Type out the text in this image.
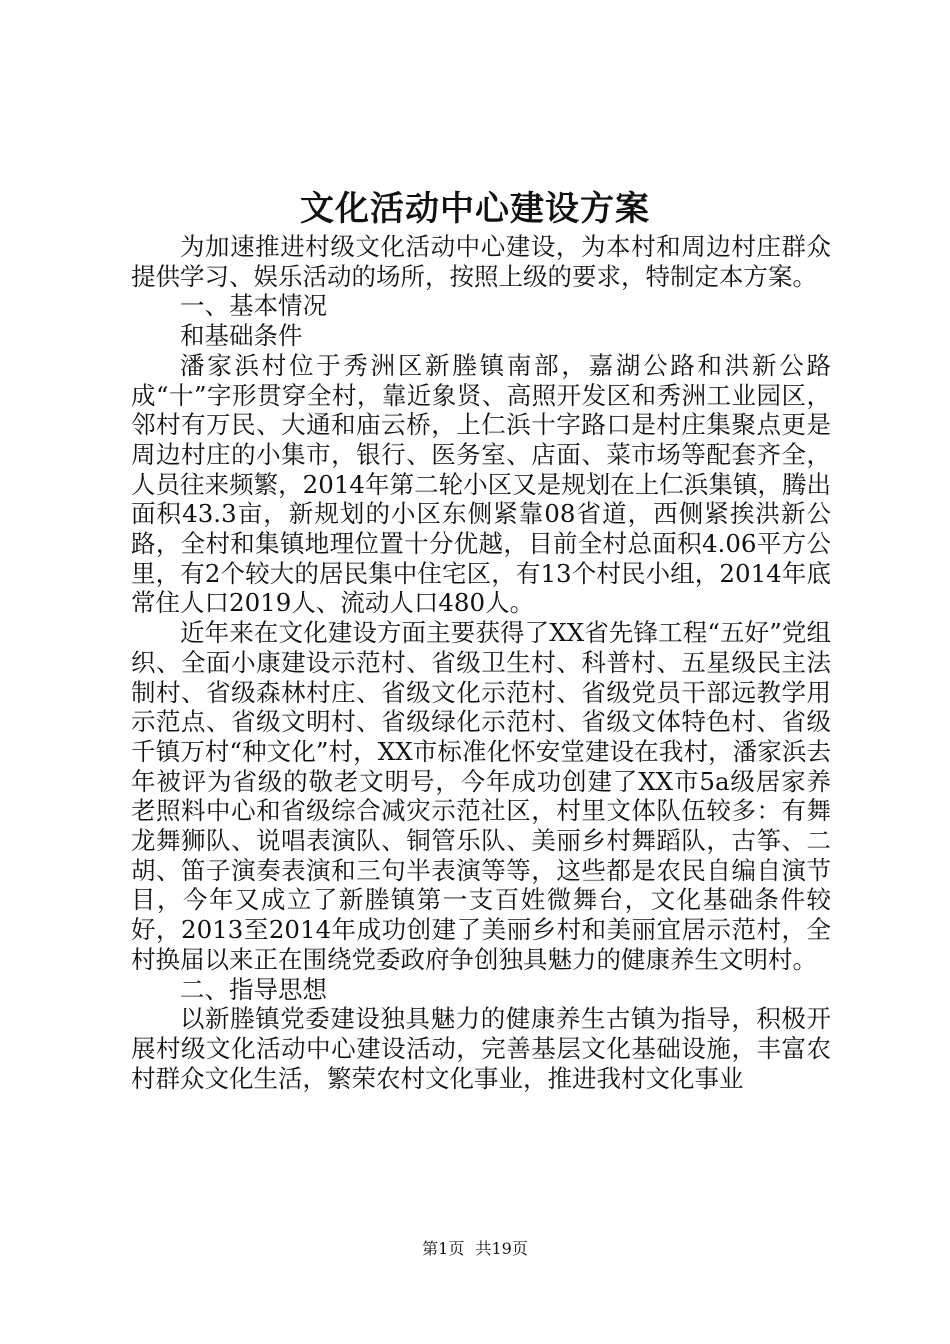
文化活动中心建设方案

为加速推进村级文化活动中心建设，为本村和周边村庄群众提供学习、娱乐活动的场所，按照上级的要求，特制定本方案。

一、基本情况

和基础条件

潘家浜村位于秀洲区新塍镇南部，嘉湖公路和洪新公路成“十”字形贯穿全村，靠近象贤、高照开发区和秀洲工业园区，邻村有万民、大通和庙云桥，上仁浜十字路口是村庄集聚点更是周边村庄的小集市，银行、医务室、店面、菜市场等配套齐全，人员往来频繁，2014年第二轮小区又是规划在上仁浜集镇，腾出面积43.3亩，新规划的小区东侧紧靠08省道，西侧紧挨洪新公路，全村和集镇地理位置十分优越，目前全村总面积4.06平方公里，有2个较大的居民集中住宅区，有13个村民小组，2014年底常住人口2019人、流动人口480人。

近年来在文化建设方面主要获得了XX省先锋工程“五好”党组织、全面小康建设示范村、省级卫生村、科普村、五星级民主法制村、省级森林村庄、省级文化示范村、省级党员干部远教学用示范点、省级文明村、省级绿化示范村、省级文体特色村、省级千镇万村“种文化”村，XX市标准化怀安堂建设在我村，潘家浜去年被评为省级的敬老文明号，今年成功创建了XX市5a级居家养老照料中心和省级综合减灾示范社区，村里文体队伍较多：有舞龙舞狮队、说唱表演队、铜管乐队、美丽乡村舞蹈队，古筝、二胡、笛子演奏表演和三句半表演等等，这些都是农民自编自演节目，今年又成立了新塍镇第一支百姓微舞台，文化基础条件较好，2013至2014年成功创建了美丽乡村和美丽宜居示范村，全村换届以来正在围绕党委政府争创独具魅力的健康养生文明村。

二、指导思想

以新塍镇党委建设独具魅力的健康养生古镇为指导，积极开展村级文化活动中心建设活动，完善基层文化基础设施，丰富农村群众文化生活，繁荣农村文化事业，推进我村文化事业

第1页 共19页
